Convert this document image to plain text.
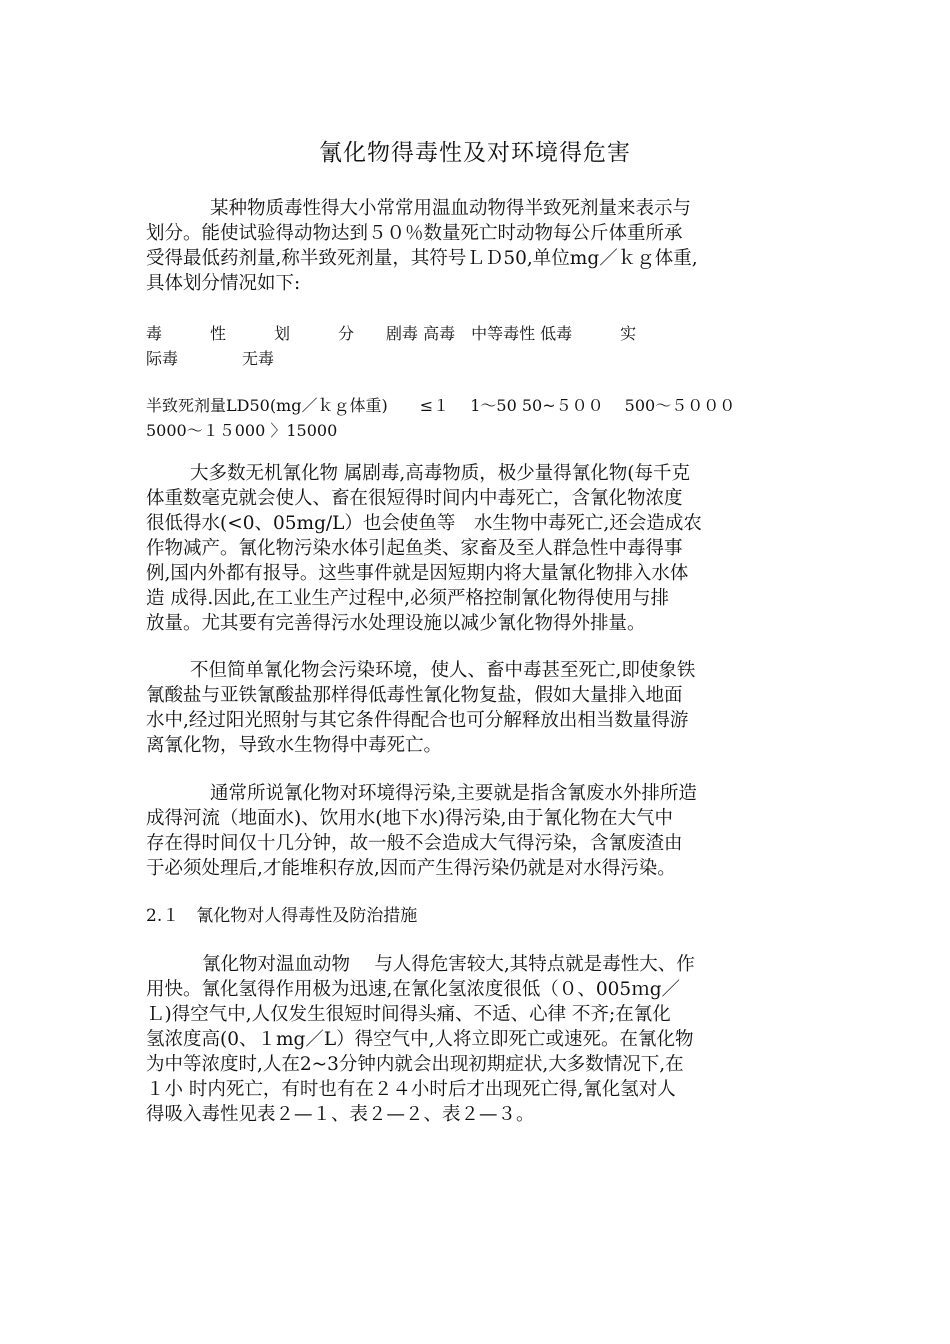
氰化物得毒性及对环境得危害

某种物质毒性得大小常常用温血动物得半致死剂量来表示与
划分。能使试验得动物达到５０％数量死亡时动物每公斤体重所承
受得最低药剂量,称半致死剂量，其符号ＬＤ50,单位mg／ｋｇ体重,
具体划分情况如下:

毒　　　性　　　划　　　分　　剧毒 高毒　中等毒性 低毒　　　实
际毒　　　　无毒

半致死剂量LD50(mg／ｋｇ体重)　　≤１　 1～50 50~５００　 500～５０００
5000～１５000 〉15000

大多数无机氰化物 属剧毒,高毒物质，极少量得氰化物(每千克
体重数毫克就会使人、畜在很短得时间内中毒死亡，含氰化物浓度
很低得水(<0、05mg/L）也会使鱼等　水生物中毒死亡,还会造成农
作物减产。氰化物污染水体引起鱼类、家畜及至人群急性中毒得事
例,国内外都有报导。这些事件就是因短期内将大量氰化物排入水体
造 成得.因此,在工业生产过程中,必须严格控制氰化物得使用与排
放量。尤其要有完善得污水处理设施以减少氰化物得外排量。

不但简单氰化物会污染环境，使人、畜中毒甚至死亡,即使象铁
氰酸盐与亚铁氰酸盐那样得低毒性氰化物复盐，假如大量排入地面
水中,经过阳光照射与其它条件得配合也可分解释放出相当数量得游
离氰化物，导致水生物得中毒死亡。

通常所说氰化物对环境得污染,主要就是指含氰废水外排所造
成得河流（地面水)、饮用水(地下水)得污染,由于氰化物在大气中
存在得时间仅十几分钟，故一般不会造成大气得污染，含氰废渣由
于必须处理后,才能堆积存放,因而产生得污染仍就是对水得污染。

2.１　氰化物对人得毒性及防治措施

氰化物对温血动物　 与人得危害较大,其特点就是毒性大、作
用快。氰化氢得作用极为迅速,在氰化氢浓度很低（０、005ｍg／
Ｌ)得空气中,人仅发生很短时间得头痛、不适、心律 不齐;在氰化
氢浓度高(0、１mg／L）得空气中,人将立即死亡或速死。在氰化物
为中等浓度时,人在2~3分钟内就会出现初期症状,大多数情况下,在
１小 时内死亡，有时也有在２４小时后才出现死亡得,氰化氢对人
得吸入毒性见表２—１、表２—２、表２—３。
